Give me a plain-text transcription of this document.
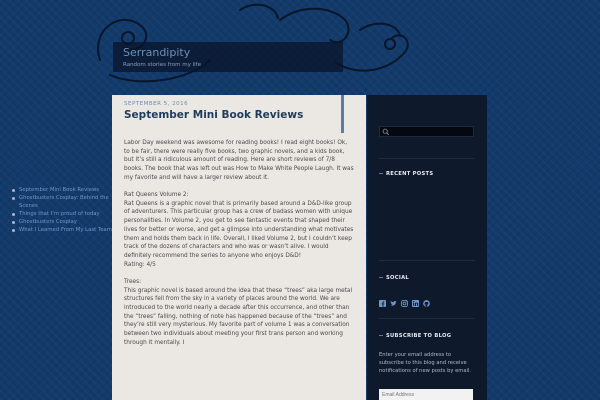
Serrandipity
Random stories from my life
SEPTEMBER 5, 2016
September Mini Book Reviews

Labor Day weekend was awesome for reading books! I read eight books! Ok, to be fair, there were really five books, two graphic novels, and a kids book, but it’s still a ridiculous amount of reading. Here are short reviews of 7/8 books. The book that was left out was How to Make White People Laugh. It was my favorite and will have a larger review about it.

Rat Queens Volume 2:
Rat Queens is a graphic novel that is primarily based around a D&D-like group of adventurers. This particular group has a crew of badass women with unique personalities. In Volume 2, you get to see fantastic events that shaped their lives for better or worse, and get a glimpse into understanding what motivates them and holds them back in life. Overall, I liked Volume 2, but I couldn’t keep track of the dozens of characters and who was or wasn’t alive. I would definitely recommend the series to anyone who enjoys D&D!
Rating: 4/5

Trees:
This graphic novel is based around the idea that these “trees” aka large metal structures fell from the sky in a variety of places around the world. We are introduced to the world nearly a decade after this occurrence, and other than the “trees” falling, nothing of note has happened because of the “trees” and they’re still very mysterious. My favorite part of volume 1 was a conversation between two individuals about meeting your first trans person and working through it mentally. I

RECENT POSTS
September Mini Book Reviews
Ghostbusters Cosplay: Behind the Scenes
Things that I’m proud of today
Ghostbusters Cosplay
What I Learned From My Last Team
SOCIAL
SUBSCRIBE TO BLOG
Enter your email address to subscribe to this blog and receive notifications of new posts by email.
Email Address
